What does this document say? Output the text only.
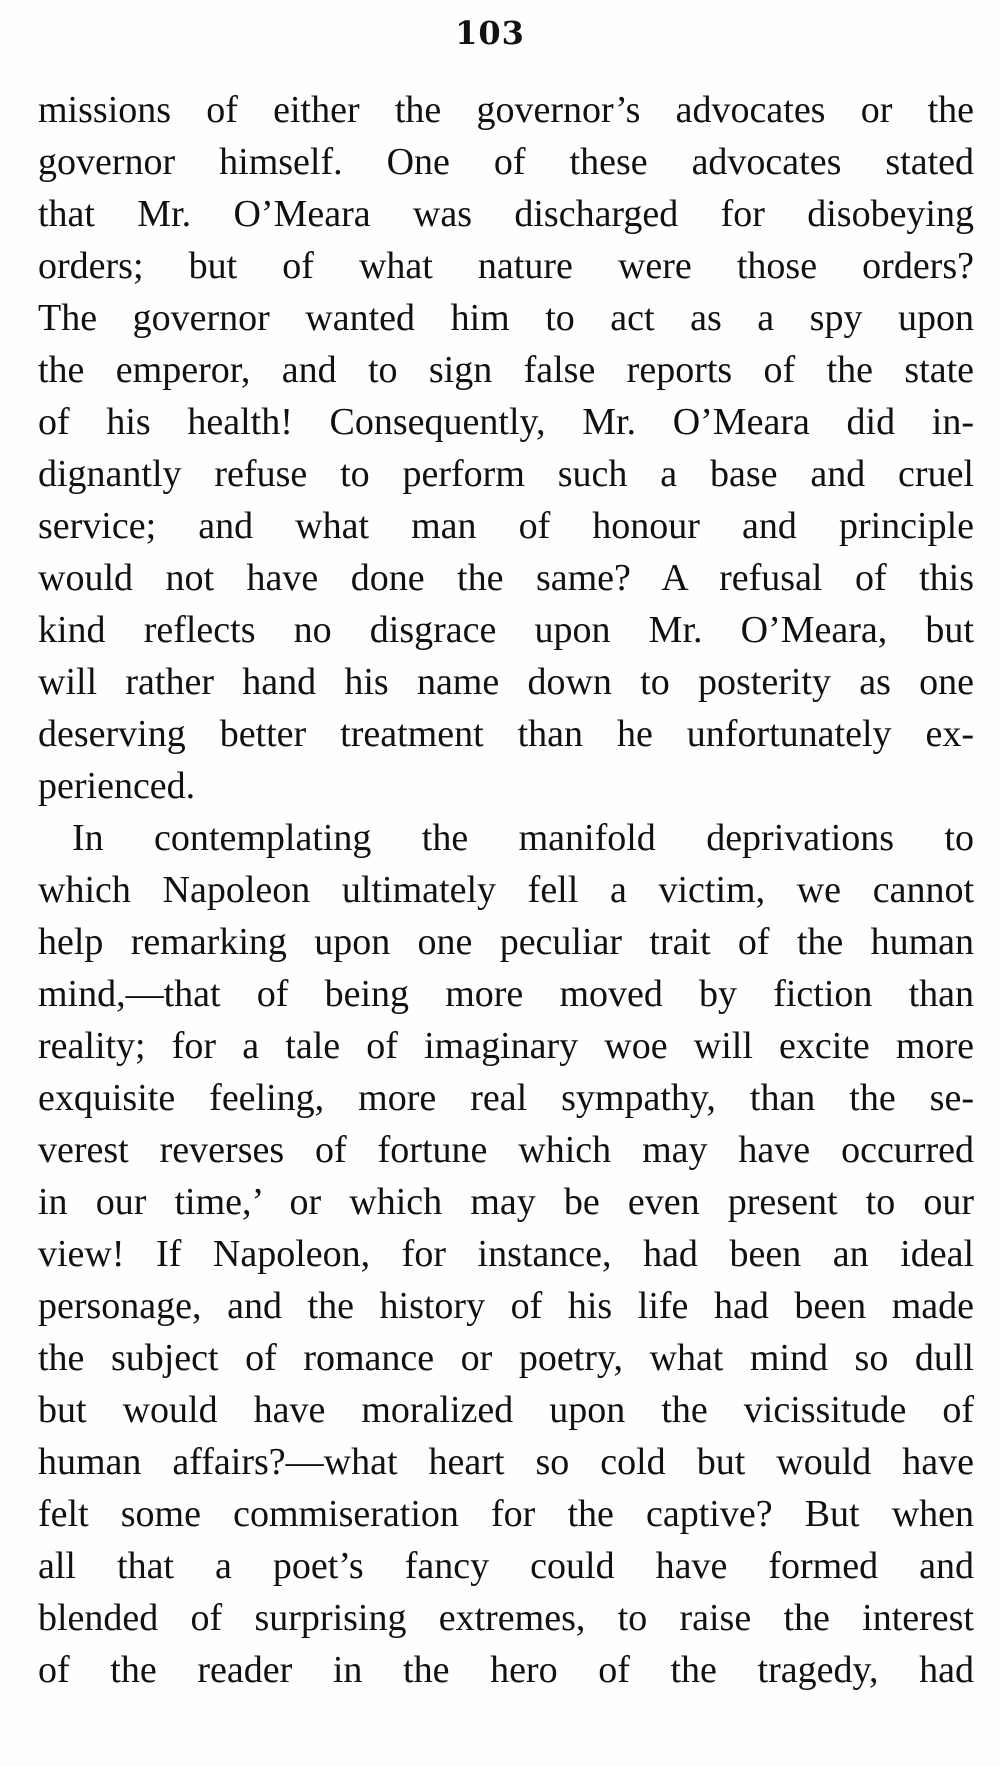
103
missions of either the governor’s advocates or the
governor himself. One of these advocates stated
that Mr. O’Meara was discharged for disobeying
orders; but of what nature were those orders?
The governor wanted him to act as a spy upon
the emperor, and to sign false reports of the state
of his health! Consequently, Mr. O’Meara did in-
dignantly refuse to perform such a base and cruel
service; and what man of honour and principle
would not have done the same? A refusal of this
kind reflects no disgrace upon Mr. O’Meara, but
will rather hand his name down to posterity as one
deserving better treatment than he unfortunately ex-
perienced.
In contemplating the manifold deprivations to
which Napoleon ultimately fell a victim, we cannot
help remarking upon one peculiar trait of the human
mind,—that of being more moved by fiction than
reality; for a tale of imaginary woe will excite more
exquisite feeling, more real sympathy, than the se-
verest reverses of fortune which may have occurred
in our time,’ or which may be even present to our
view! If Napoleon, for instance, had been an ideal
personage, and the history of his life had been made
the subject of romance or poetry, what mind so dull
but would have moralized upon the vicissitude of
human affairs?—what heart so cold but would have
felt some commiseration for the captive? But when
all that a poet’s fancy could have formed and
blended of surprising extremes, to raise the interest
of the reader in the hero of the tragedy, had
